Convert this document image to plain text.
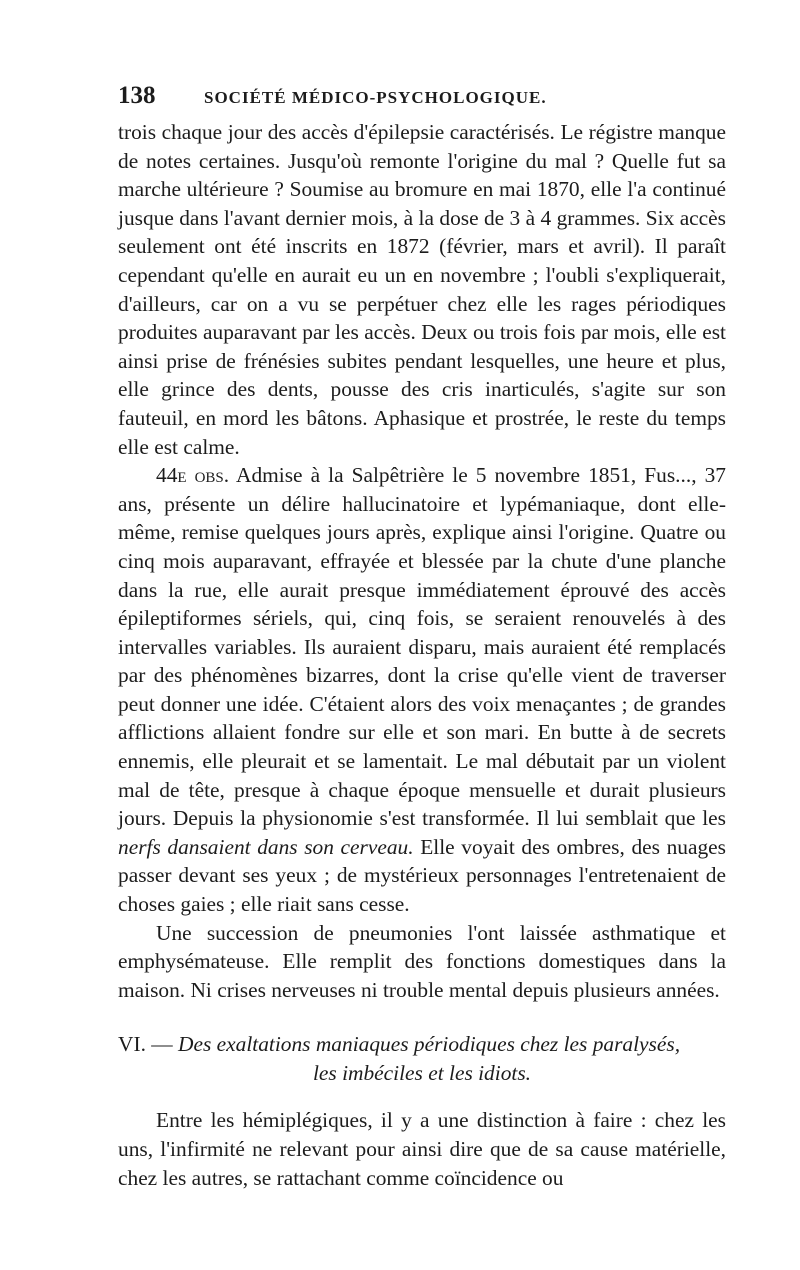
138	SOCIÉTÉ MÉDICO-PSYCHOLOGIQUE.

trois chaque jour des accès d'épilepsie caractérisés. Le régistre manque de notes certaines. Jusqu'où remonte l'origine du mal ? Quelle fut sa marche ultérieure ? Soumise au bromure en mai 1870, elle l'a continué jusque dans l'avant dernier mois, à la dose de 3 à 4 grammes. Six accès seulement ont été inscrits en 1872 (février, mars et avril). Il paraît cependant qu'elle en aurait eu un en novembre ; l'oubli s'expliquerait, d'ailleurs, car on a vu se perpétuer chez elle les rages périodiques produites auparavant par les accès. Deux ou trois fois par mois, elle est ainsi prise de frénésies subites pendant lesquelles, une heure et plus, elle grince des dents, pousse des cris inarticulés, s'agite sur son fauteuil, en mord les bâtons. Aphasique et prostrée, le reste du temps elle est calme.

44e obs. Admise à la Salpêtrière le 5 novembre 1851, Fus..., 37 ans, présente un délire hallucinatoire et lypémaniaque, dont elle-même, remise quelques jours après, explique ainsi l'origine. Quatre ou cinq mois auparavant, effrayée et blessée par la chute d'une planche dans la rue, elle aurait presque immédiatement éprouvé des accès épileptiformes sériels, qui, cinq fois, se seraient renouvelés à des intervalles variables. Ils auraient disparu, mais auraient été remplacés par des phénomènes bizarres, dont la crise qu'elle vient de traverser peut donner une idée. C'étaient alors des voix menaçantes ; de grandes afflictions allaient fondre sur elle et son mari. En butte à de secrets ennemis, elle pleurait et se lamentait. Le mal débutait par un violent mal de tête, presque à chaque époque mensuelle et durait plusieurs jours. Depuis la physionomie s'est transformée. Il lui semblait que les nerfs dansaient dans son cerveau. Elle voyait des ombres, des nuages passer devant ses yeux ; de mystérieux personnages l'entretenaient de choses gaies ; elle riait sans cesse.

Une succession de pneumonies l'ont laissée asthmatique et emphysémateuse. Elle remplit des fonctions domestiques dans la maison. Ni crises nerveuses ni trouble mental depuis plusieurs années.

VI. — Des exaltations maniaques périodiques chez les paralysés,
les imbéciles et les idiots.

Entre les hémiplégiques, il y a une distinction à faire : chez les uns, l'infirmité ne relevant pour ainsi dire que de sa cause matérielle, chez les autres, se rattachant comme coïncidence ou
